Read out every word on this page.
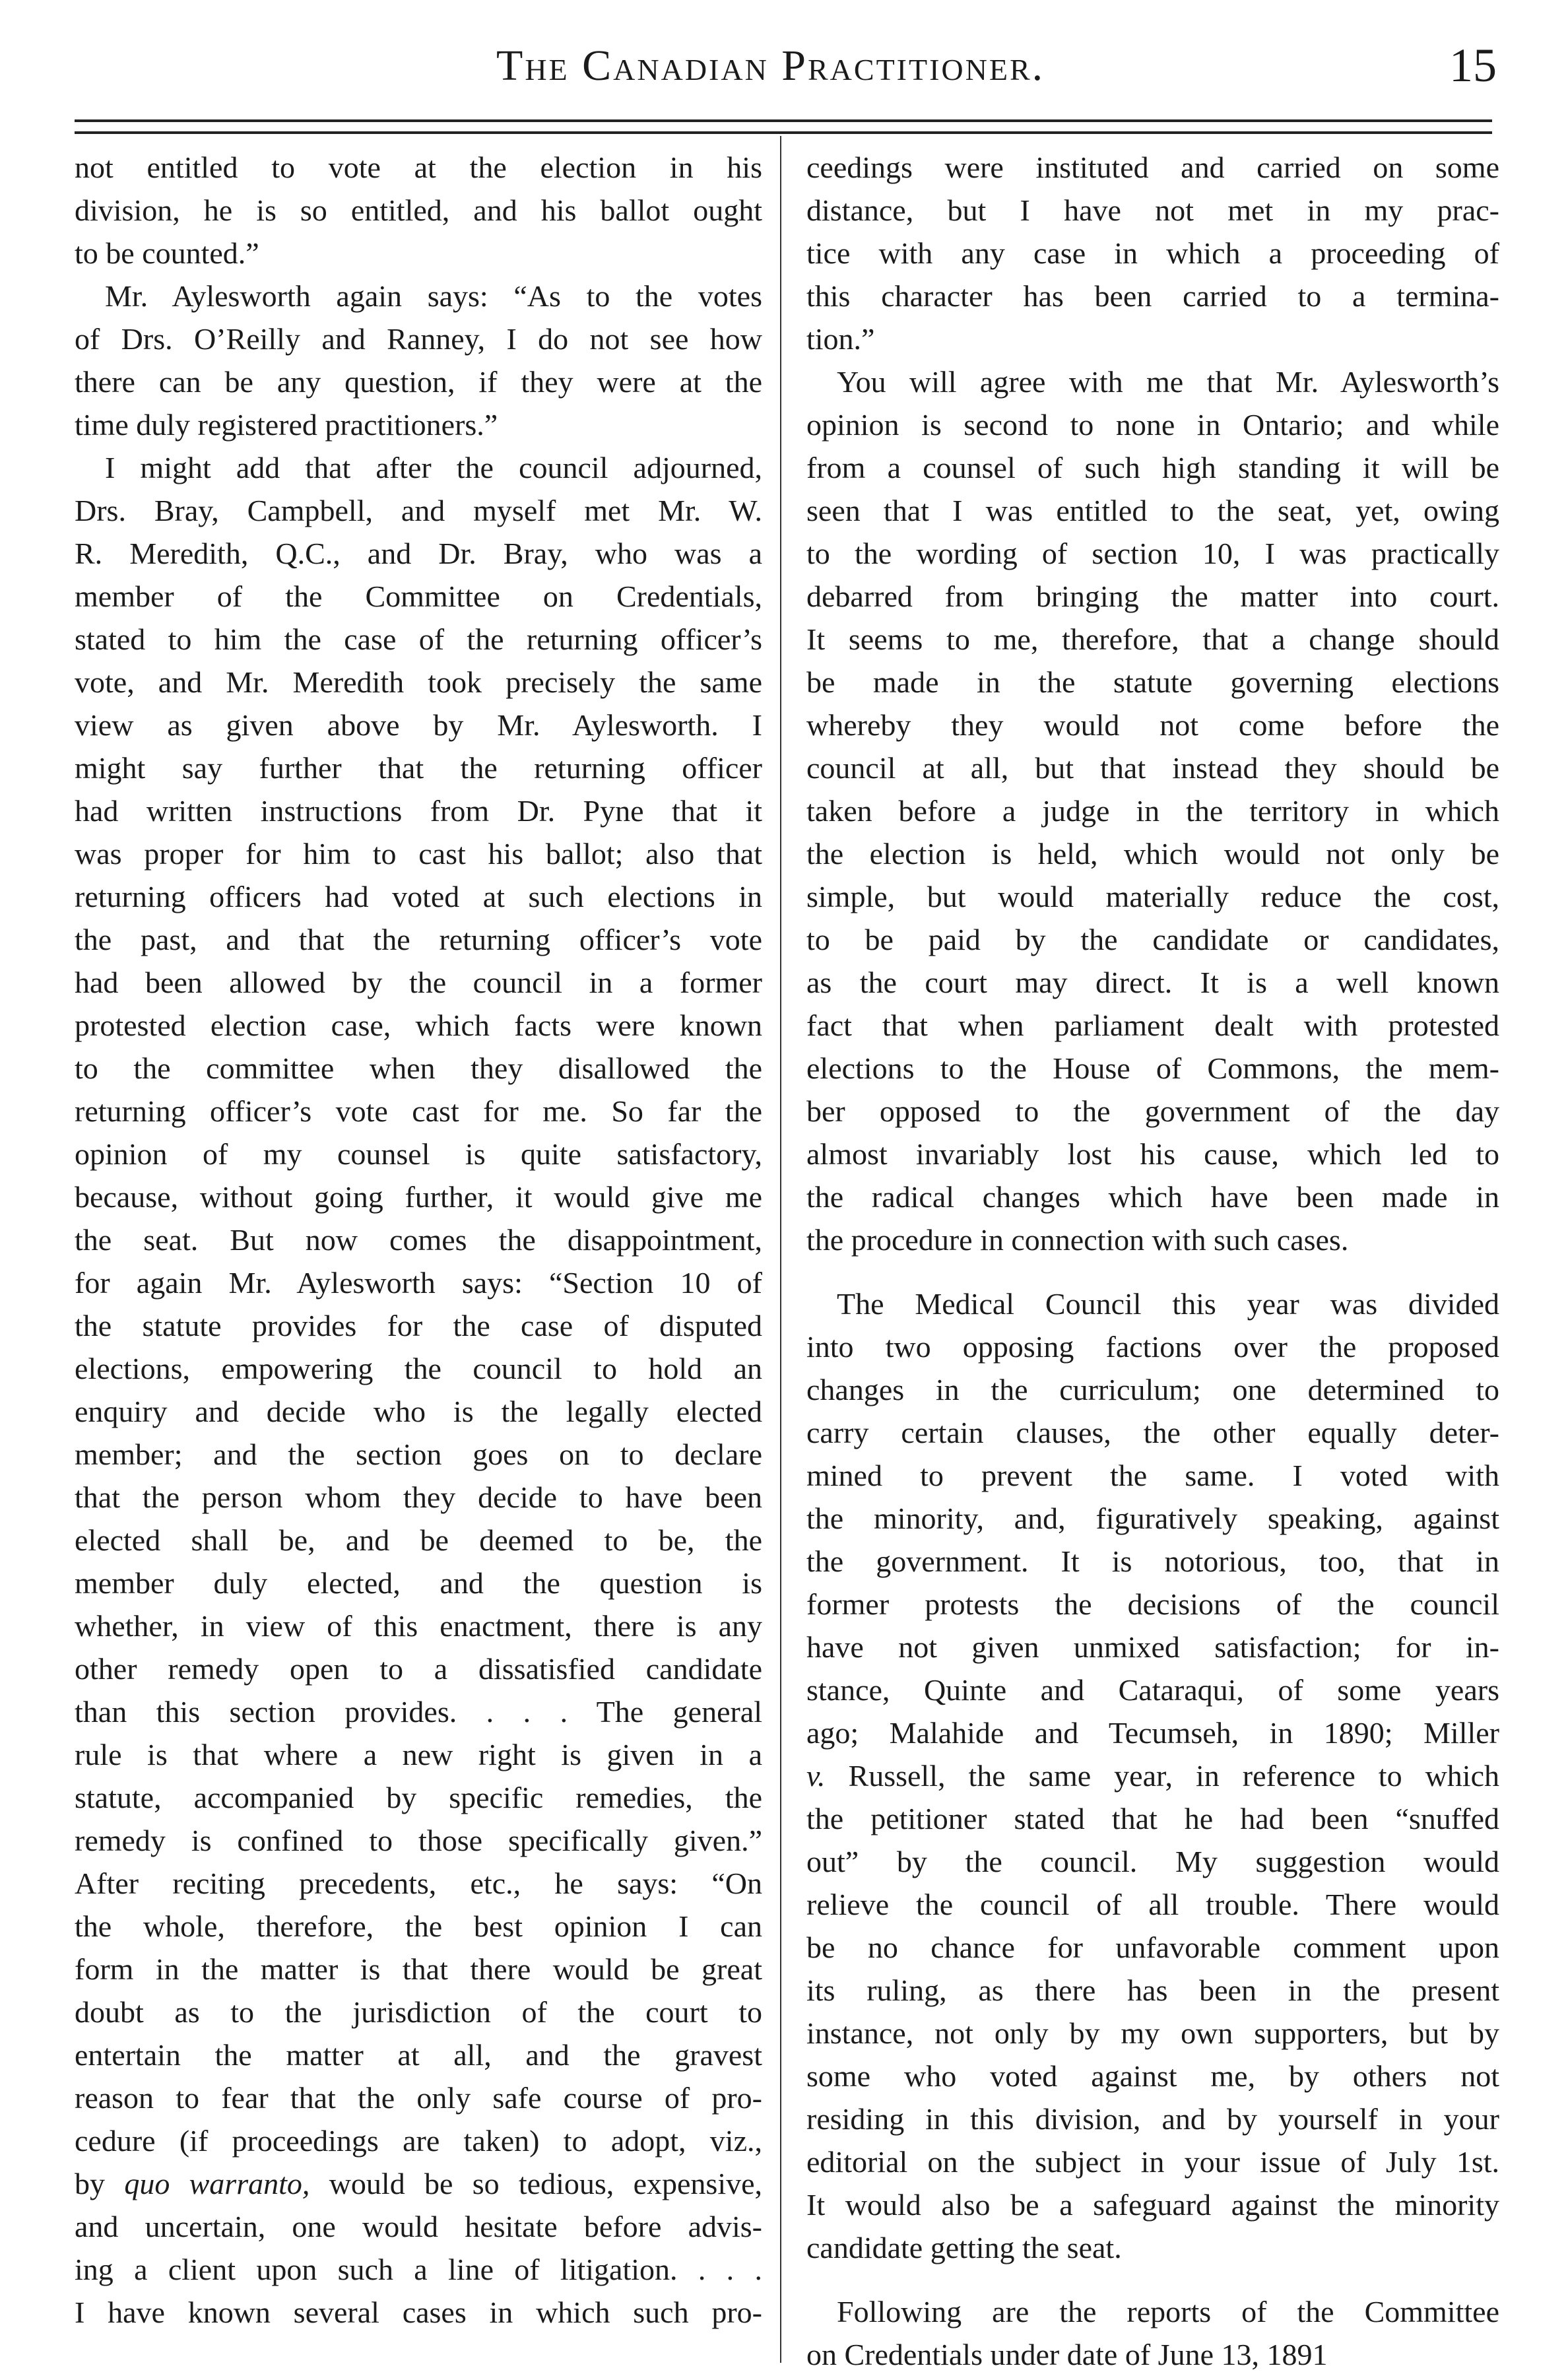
The Canadian Practitioner.	15
not entitled to vote at the election in his
division, he is so entitled, and his ballot ought
to be counted.”
Mr. Aylesworth again says: “As to the votes
of Drs. O’Reilly and Ranney, I do not see how
there can be any question, if they were at the
time duly registered practitioners.”
I might add that after the council adjourned,
Drs. Bray, Campbell, and myself met Mr. W.
R. Meredith, Q.C., and Dr. Bray, who was a
member of the Committee on Credentials,
stated to him the case of the returning officer’s
vote, and Mr. Meredith took precisely the same
view as given above by Mr. Aylesworth. I
might say further that the returning officer
had written instructions from Dr. Pyne that it
was proper for him to cast his ballot; also that
returning officers had voted at such elections in
the past, and that the returning officer’s vote
had been allowed by the council in a former
protested election case, which facts were known
to the committee when they disallowed the
returning officer’s vote cast for me. So far the
opinion of my counsel is quite satisfactory,
because, without going further, it would give me
the seat. But now comes the disappointment,
for again Mr. Aylesworth says: “Section 10 of
the statute provides for the case of disputed
elections, empowering the council to hold an
enquiry and decide who is the legally elected
member; and the section goes on to declare
that the person whom they decide to have been
elected shall be, and be deemed to be, the
member duly elected, and the question is
whether, in view of this enactment, there is any
other remedy open to a dissatisfied candidate
than this section provides. . . . The general
rule is that where a new right is given in a
statute, accompanied by specific remedies, the
remedy is confined to those specifically given.”
After reciting precedents, etc., he says: “On
the whole, therefore, the best opinion I can
form in the matter is that there would be great
doubt as to the jurisdiction of the court to
entertain the matter at all, and the gravest
reason to fear that the only safe course of pro-
cedure (if proceedings are taken) to adopt, viz.,
by quo warranto, would be so tedious, expensive,
and uncertain, one would hesitate before advis-
ing a client upon such a line of litigation. . . .
I have known several cases in which such pro-
ceedings were instituted and carried on some
distance, but I have not met in my prac-
tice with any case in which a proceeding of
this character has been carried to a termina-
tion.”
You will agree with me that Mr. Aylesworth’s
opinion is second to none in Ontario; and while
from a counsel of such high standing it will be
seen that I was entitled to the seat, yet, owing
to the wording of section 10, I was practically
debarred from bringing the matter into court.
It seems to me, therefore, that a change should
be made in the statute governing elections
whereby they would not come before the
council at all, but that instead they should be
taken before a judge in the territory in which
the election is held, which would not only be
simple, but would materially reduce the cost,
to be paid by the candidate or candidates,
as the court may direct. It is a well known
fact that when parliament dealt with protested
elections to the House of Commons, the mem-
ber opposed to the government of the day
almost invariably lost his cause, which led to
the radical changes which have been made in
the procedure in connection with such cases.
The Medical Council this year was divided
into two opposing factions over the proposed
changes in the curriculum; one determined to
carry certain clauses, the other equally deter-
mined to prevent the same. I voted with
the minority, and, figuratively speaking, against
the government. It is notorious, too, that in
former protests the decisions of the council
have not given unmixed satisfaction; for in-
stance, Quinte and Cataraqui, of some years
ago; Malahide and Tecumseh, in 1890; Miller
v. Russell, the same year, in reference to which
the petitioner stated that he had been “snuffed
out” by the council. My suggestion would
relieve the council of all trouble. There would
be no chance for unfavorable comment upon
its ruling, as there has been in the present
instance, not only by my own supporters, but by
some who voted against me, by others not
residing in this division, and by yourself in your
editorial on the subject in your issue of July 1st.
It would also be a safeguard against the minority
candidate getting the seat.
Following are the reports of the Committee
on Credentials under date of June 13, 1891
